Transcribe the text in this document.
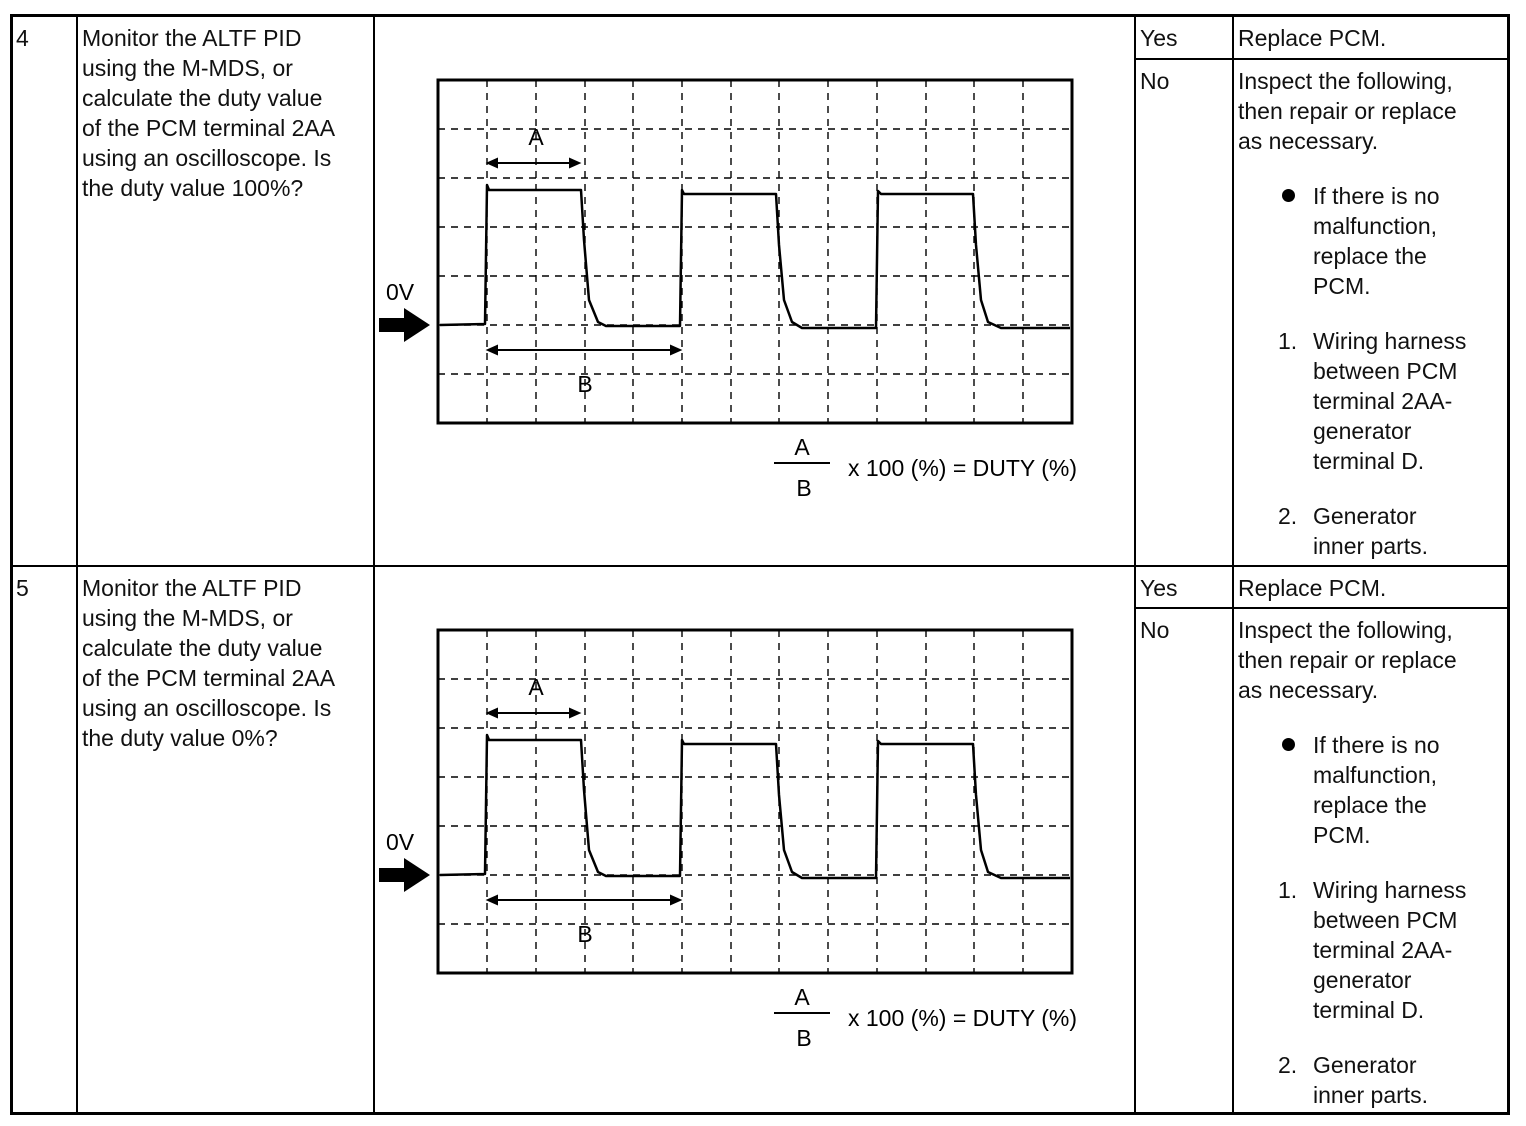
4 Monitor the ALTF PID
using the M-MDS, or
calculate the duty value
of the PCM terminal 2AA
using an oscilloscope. Is
the duty value 100%?
A
B
0V
A
B
x 100 (%) = DUTY (%)
Yes	Replace PCM.
No	Inspect the following,
then repair or replace
as necessary.
If there is no
malfunction,
replace the
PCM.
1. Wiring harness
between PCM
terminal 2AA-
generator
terminal D.
2. Generator
inner parts.
5 Monitor the ALTF PID
using the M-MDS, or
calculate the duty value
of the PCM terminal 2AA
using an oscilloscope. Is
the duty value 0%?
A
B
0V
A
B
x 100 (%) = DUTY (%)
Yes	Replace PCM.
No	Inspect the following,
then repair or replace
as necessary.
If there is no
malfunction,
replace the
PCM.
1. Wiring harness
between PCM
terminal 2AA-
generator
terminal D.
2. Generator
inner parts.
